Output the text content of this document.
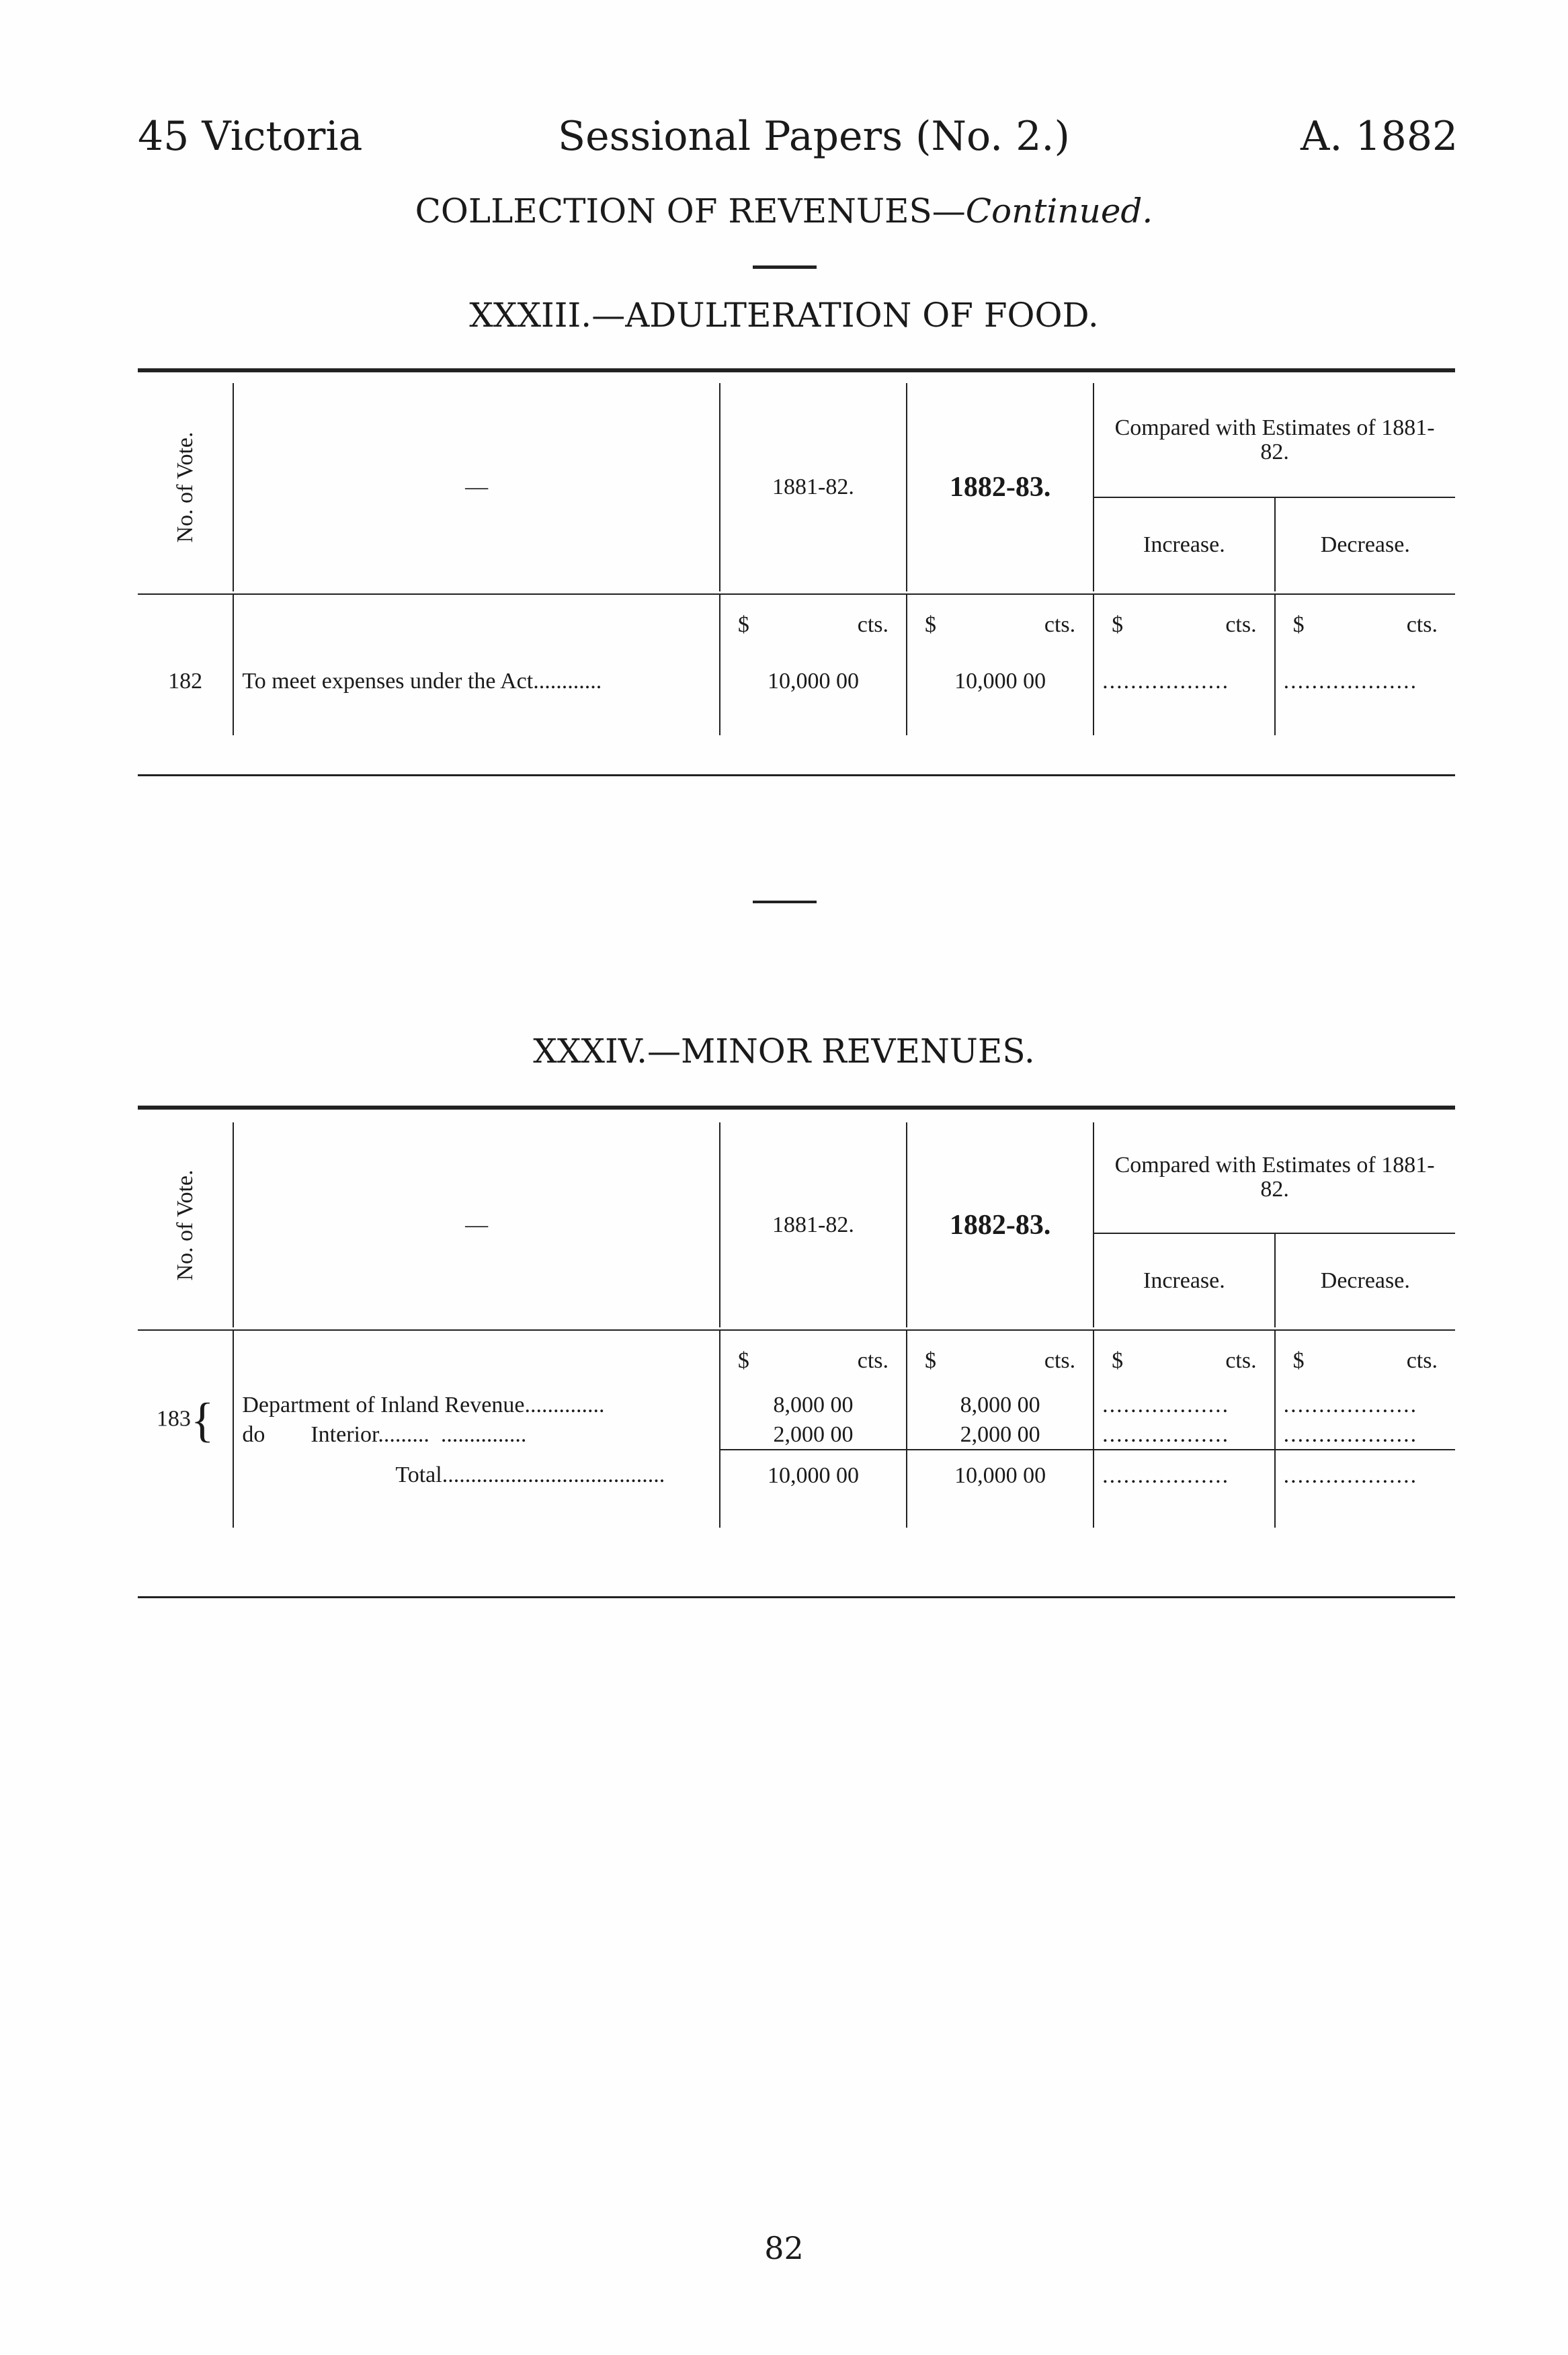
45 Victoria	Sessional Papers (No. 2.)	A. 1882
COLLECTION OF REVENUES—Continued.
XXXIII.—ADULTERATION OF FOOD.
No. of Vote.	—	1881-82.	1882-83.	Compared with Estimates of 1881-82.	
				Increase.	Decrease.

		$ cts.	$ cts.	$ cts.	$ cts.

182	To meet expenses under the Act............	10,000 00	10,000 00	..................	...................

XXXIV.—MINOR REVENUES.
No. of Vote.	—	1881-82.	1882-83.	Compared with Estimates of 1881-82.	
				Increase.	Decrease.

		$ cts.	$ cts.	$ cts.	$ cts.

183{	Department of Inland Revenue..............	8,000 00	8,000 00	..................	...................
	do        Interior.........  ...............	2,000 00	2,000 00	..................	...................
	Total.......................................	10,000 00	10,000 00	..................	...................

82
